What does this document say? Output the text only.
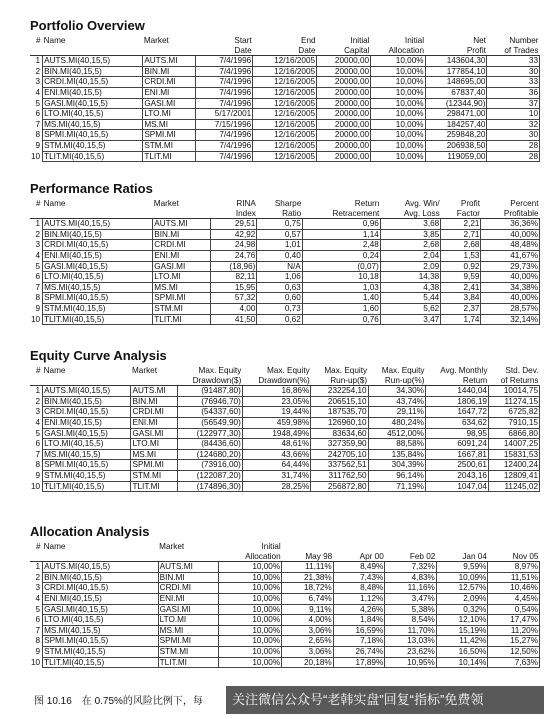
Portfolio Overview
#	Name	Market	Start	End	Initial	Initial	Net	Number
			Date	Date	Capital	Allocation	Profit	of Trades
1	AUTS.MI(40,15,5)	AUTS.MI	7/4/1996	12/16/2005	20000,00	10,00%	143604,30	33
2	BIN.MI(40,15,5)	BIN.MI	7/4/1996	12/16/2005	20000,00	10,00%	177854,10	30
3	CRDI.MI(40,15,5)	CRDI.MI	7/4/1996	12/16/2005	20000,00	10,00%	148695,00	33
4	ENI.MI(40,15,5)	ENI.MI	7/4/1996	12/16/2005	20000,00	10,00%	67837,40	36
5	GASI.MI(40,15,5)	GASI.MI	7/4/1996	12/16/2005	20000,00	10,00%	(12344,90)	37
6	LTO.MI(40,15,5)	LTO.MI	5/17/2001	12/16/2005	20000,00	10,00%	298471,00	10
7	MS.MI(40,15,5)	MS.MI	7/15/1996	12/16/2005	20000,00	10,00%	184257,40	32
8	SPMI.MI(40,15,5)	SPMI.MI	7/4/1996	12/16/2005	20000,00	10,00%	259848,20	30
9	STM.MI(40,15,5)	STM.MI	7/4/1996	12/16/2005	20000,00	10,00%	206938,50	28
10	TLIT.MI(40,15,5)	TLIT.MI	7/4/1996	12/16/2005	20000,00	10,00%	119059,00	28
Performance Ratios
#	Name	Market	RINA	Sharpe	Return	Avg. Win/	Profit	Percent
			Index	Ratio	Retracement	Avg. Loss	Factor	Profitable
1	AUTS.MI(40,15,5)	AUTS.MI	29,51	0,75	0,96	3,68	2,21	36,36%
2	BIN.MI(40,15,5)	BIN.MI	42,92	0,57	1,14	3,85	2,71	40,00%
3	CRDI.MI(40,15,5)	CRDI.MI	24,98	1,01	2,48	2,68	2,68	48,48%
4	ENI.MI(40,15,5)	ENI.MI	24,76	0,40	0,24	2,04	1,53	41,67%
5	GASI.MI(40,15,5)	GASI.MI	(18,96)	N/A	(0,07)	2,09	0,92	29,73%
6	LTO.MI(40,15,5)	LTO.MI	82,11	1,06	10,18	14,38	9,59	40,00%
7	MS.MI(40,15,5)	MS.MI	15,95	0,63	1,03	4,38	2,41	34,38%
8	SPMI.MI(40,15,5)	SPMI.MI	57,32	0,60	1,40	5,44	3,84	40,00%
9	STM.MI(40,15,5)	STM.MI	4,00	0,73	1,60	5,62	2,37	28,57%
10	TLIT.MI(40,15,5)	TLIT.MI	41,50	0,62	0,76	3,47	1,74	32,14%
Equity Curve Analysis
#	Name	Market	Max. Equity	Max. Equity	Max. Equity	Max. Equity	Avg. Monthly	Std. Dev.
			Drawdown($)	Drawdown(%)	Run-up($)	Run-up(%)	Return	of Returns
1	AUTS.MI(40,15,5)	AUTS.MI	(91487,80)	16,86%	232254,10	34,30%	1440,04	10014,75
2	BIN.MI(40,15,5)	BIN.MI	(76946,70)	23,05%	206515,10	43,74%	1806,19	11274,15
3	CRDI.MI(40,15,5)	CRDI.MI	(54337,60)	19,44%	187535,70	29,11%	1647,72	6725,82
4	ENI.MI(40,15,5)	ENI.MI	(56549,90)	459,98%	126960,10	480,24%	634,62	7910,15
5	GASI.MI(40,15,5)	GASI.MI	(122977,30)	1948,49%	83634,60	4512,00%	98,95	6866,80
6	LTO.MI(40,15,5)	LTO.MI	(84436,60)	48,61%	327359,90	88,58%	6091,24	14007,25
7	MS.MI(40,15,5)	MS.MI	(124680,20)	43,66%	242705,10	135,84%	1667,81	15831,53
8	SPMI.MI(40,15,5)	SPMI.MI	(73916,00)	64,44%	337562,51	304,39%	2500,61	12400,24
9	STM.MI(40,15,5)	STM.MI	(122087,20)	31,74%	311762,50	96,14%	2043,16	12809,41
10	TLIT.MI(40,15,5)	TLIT.MI	(174896,30)	28,25%	256872,80	71,19%	1047,04	11245,02
Allocation Analysis
#	Name	Market	Initial					
			Allocation	May 98	Apr 00	Feb 02	Jan 04	Nov 05
1	AUTS.MI(40,15,5)	AUTS.MI	10,00%	11,11%	8,49%	7,32%	9,59%	8,97%
2	BIN.MI(40,15,5)	BIN.MI	10,00%	21,38%	7,43%	4,83%	10,09%	11,51%
3	CRDI.MI(40,15,5)	CRDI.MI	10,00%	18,72%	8,48%	11,16%	12,57%	10,46%
4	ENI.MI(40,15,5)	ENI.MI	10,00%	6,74%	1,12%	3,47%	2,09%	4,45%
5	GASI.MI(40,15,5)	GASI.MI	10,00%	9,11%	4,26%	5,38%	0,32%	0,54%
6	LTO.MI(40,15,5)	LTO.MI	10,00%	4,00%	1,84%	8,54%	12,10%	17,47%
7	MS.MI(40,15,5)	MS.MI	10,00%	3,06%	16,59%	11,70%	15,19%	11,20%
8	SPMI.MI(40,15,5)	SPMI.MI	10,00%	2,65%	7,18%	13,03%	11,42%	15,27%
9	STM.MI(40,15,5)	STM.MI	10,00%	3,06%	26,74%	23,62%	16,50%	12,50%
10	TLIT.MI(40,15,5)	TLIT.MI	10,00%	20,18%	17,89%	10,95%	10,14%	7,63%
图 10.16　在 0.75%的风险比例下，每	关注微信公众号“老韩实盘”回复“指标”免费领
